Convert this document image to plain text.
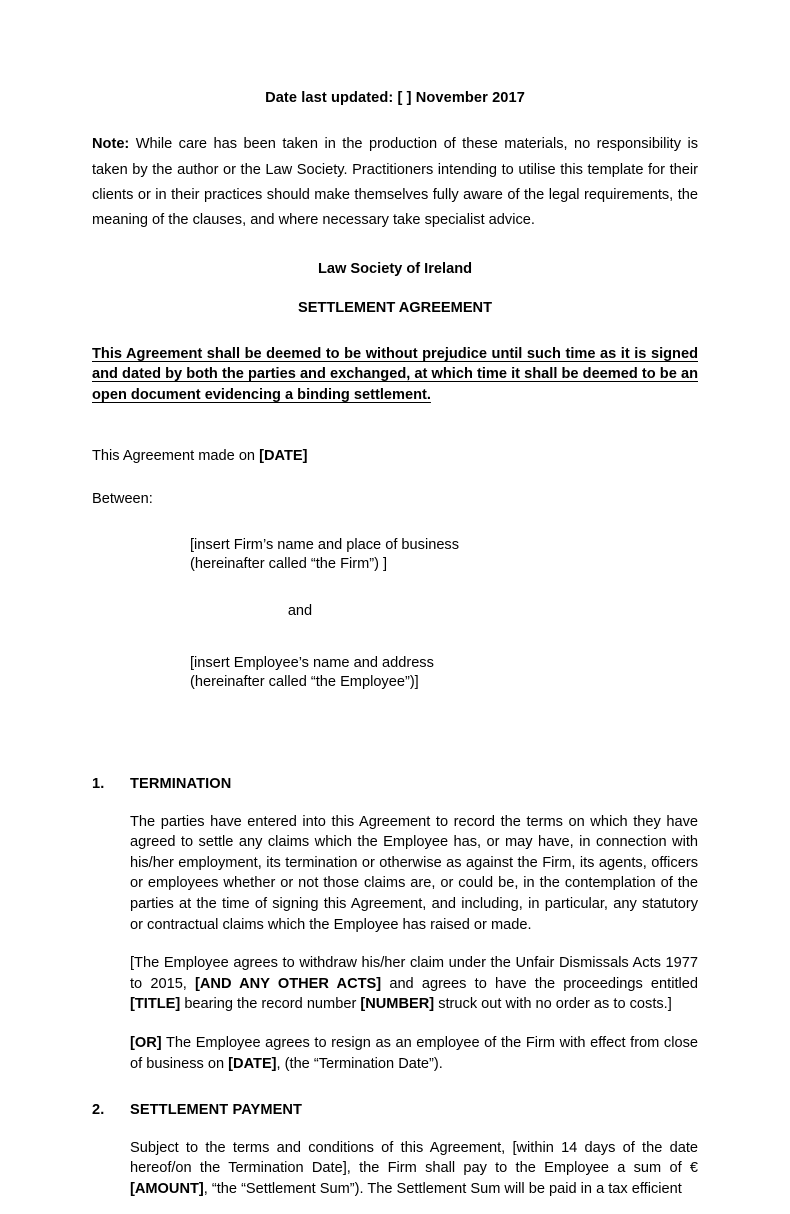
Date last updated: [ ] November 2017

Note: While care has been taken in the production of these materials, no responsibility is taken by the author or the Law Society. Practitioners intending to utilise this template for their clients or in their practices should make themselves fully aware of the legal requirements, the meaning of the clauses, and where necessary take specialist advice.

Law Society of Ireland
SETTLEMENT AGREEMENT

This Agreement shall be deemed to be without prejudice until such time as it is signed and dated by both the parties and exchanged, at which time it shall be deemed to be an open document evidencing a binding settlement.

This Agreement made on [DATE]

Between:

[insert Firm’s name and place of business
(hereinafter called “the Firm”) ]
and
[insert Employee’s name and address
(hereinafter called “the Employee”)]
1. TERMINATION

The parties have entered into this Agreement to record the terms on which they have agreed to settle any claims which the Employee has, or may have, in connection with his/her employment, its termination or otherwise as against the Firm, its agents, officers or employees whether or not those claims are, or could be, in the contemplation of the parties at the time of signing this Agreement, and including, in particular, any statutory or contractual claims which the Employee has raised or made.

[The Employee agrees to withdraw his/her claim under the Unfair Dismissals Acts 1977 to 2015, [AND ANY OTHER ACTS] and agrees to have the proceedings entitled [TITLE] bearing the record number [NUMBER] struck out with no order as to costs.]

[OR] The Employee agrees to resign as an employee of the Firm with effect from close of business on [DATE], (the “Termination Date”).

2. SETTLEMENT PAYMENT

Subject to the terms and conditions of this Agreement, [within 14 days of the date hereof/on the Termination Date], the Firm shall pay to the Employee a sum of €[AMOUNT], “the “Settlement Sum”). The Settlement Sum will be paid in a tax efficient
